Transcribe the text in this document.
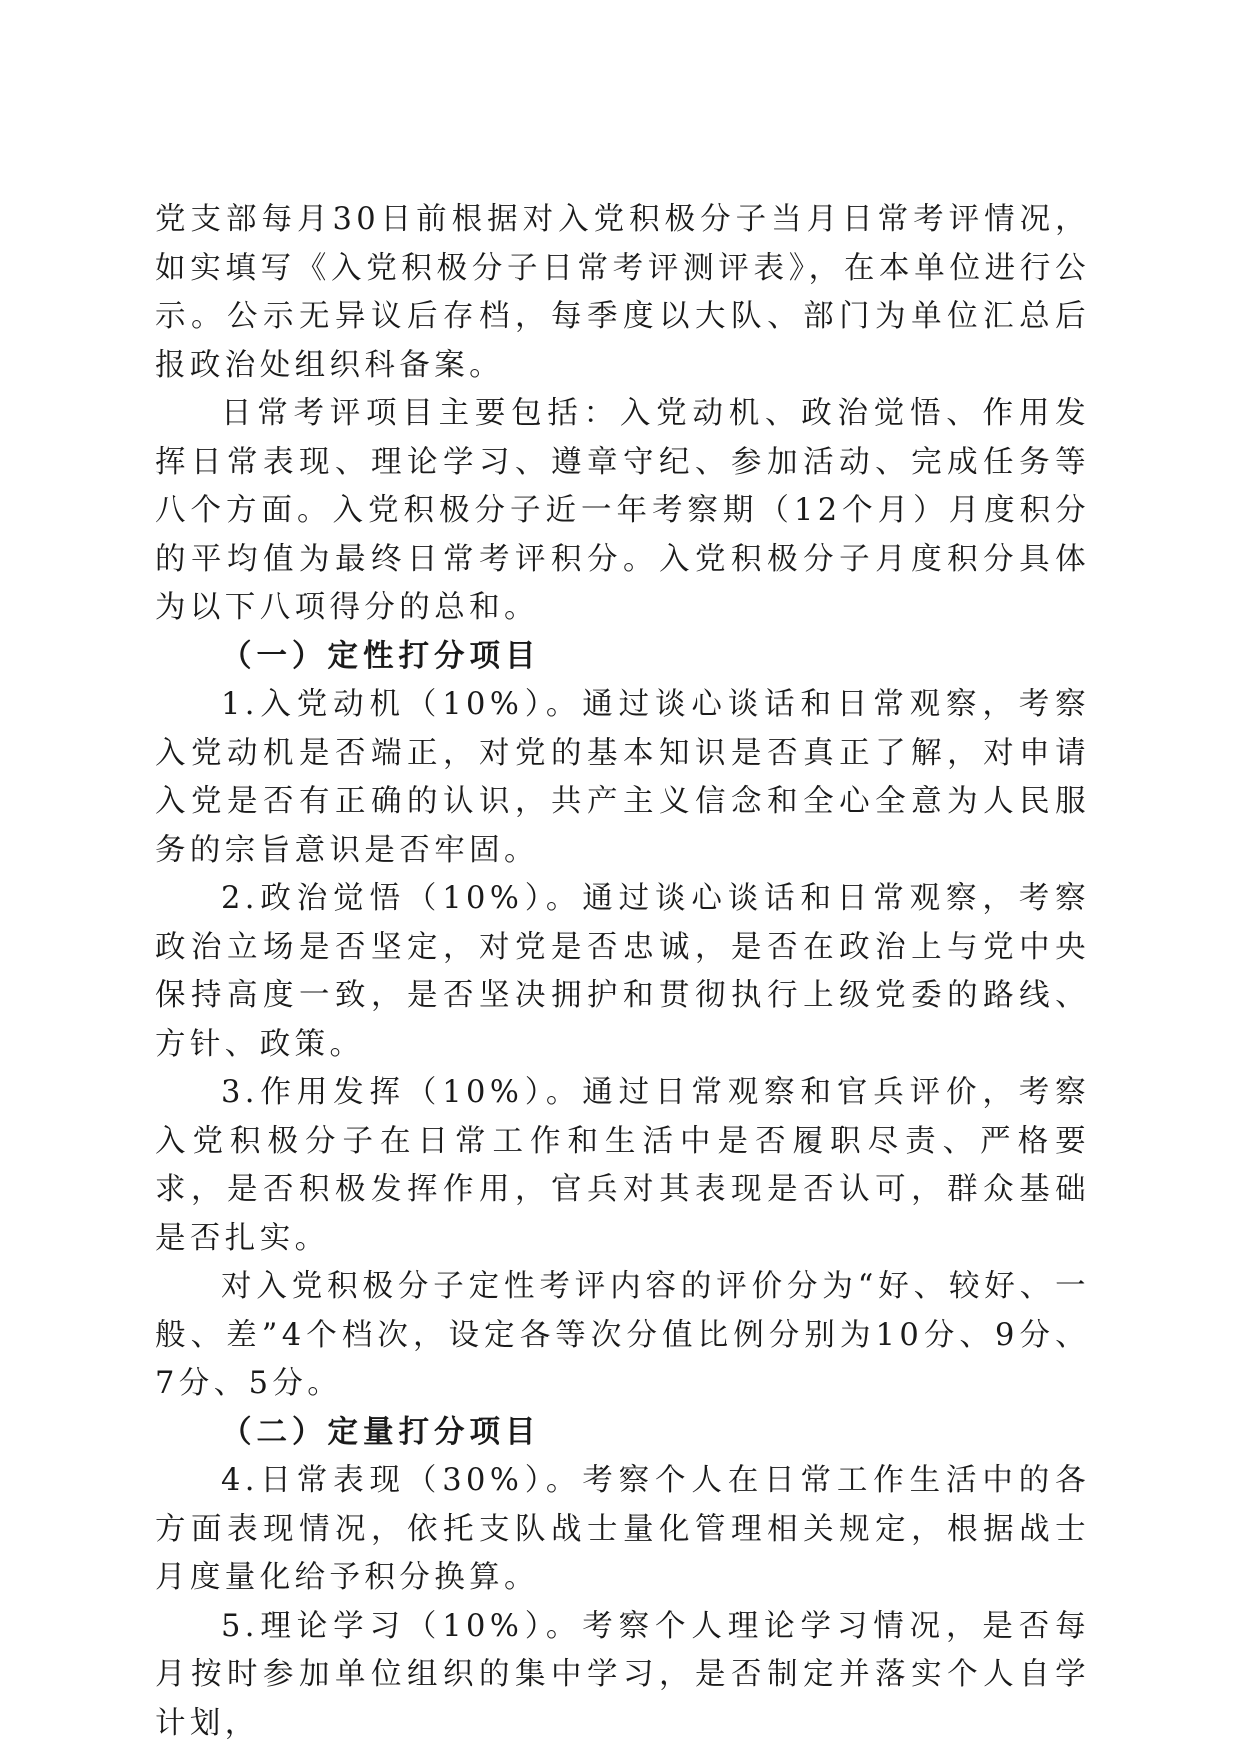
党支部每月30日前根据对入党积极分子当月日常考评情况，如实填写《入党积极分子日常考评测评表》，在本单位进行公示。公示无异议后存档，每季度以大队、部门为单位汇总后报政治处组织科备案。

日常考评项目主要包括：入党动机、政治觉悟、作用发挥日常表现、理论学习、遵章守纪、参加活动、完成任务等八个方面。入党积极分子近一年考察期（12个月）月度积分的平均值为最终日常考评积分。入党积极分子月度积分具体为以下八项得分的总和。

（一）定性打分项目

1.入党动机（10%）。通过谈心谈话和日常观察，考察入党动机是否端正，对党的基本知识是否真正了解，对申请入党是否有正确的认识，共产主义信念和全心全意为人民服务的宗旨意识是否牢固。

2.政治觉悟（10%）。通过谈心谈话和日常观察，考察政治立场是否坚定，对党是否忠诚，是否在政治上与党中央保持高度一致，是否坚决拥护和贯彻执行上级党委的路线、方针、政策。

3.作用发挥（10%）。通过日常观察和官兵评价，考察入党积极分子在日常工作和生活中是否履职尽责、严格要求，是否积极发挥作用，官兵对其表现是否认可，群众基础是否扎实。

对入党积极分子定性考评内容的评价分为“好、较好、一般、差”4个档次，设定各等次分值比例分别为10分、9分、7分、5分。

（二）定量打分项目

4.日常表现（30%）。考察个人在日常工作生活中的各方面表现情况，依托支队战士量化管理相关规定，根据战士月度量化给予积分换算。

5.理论学习（10%）。考察个人理论学习情况，是否每月按时参加单位组织的集中学习，是否制定并落实个人自学计划，
